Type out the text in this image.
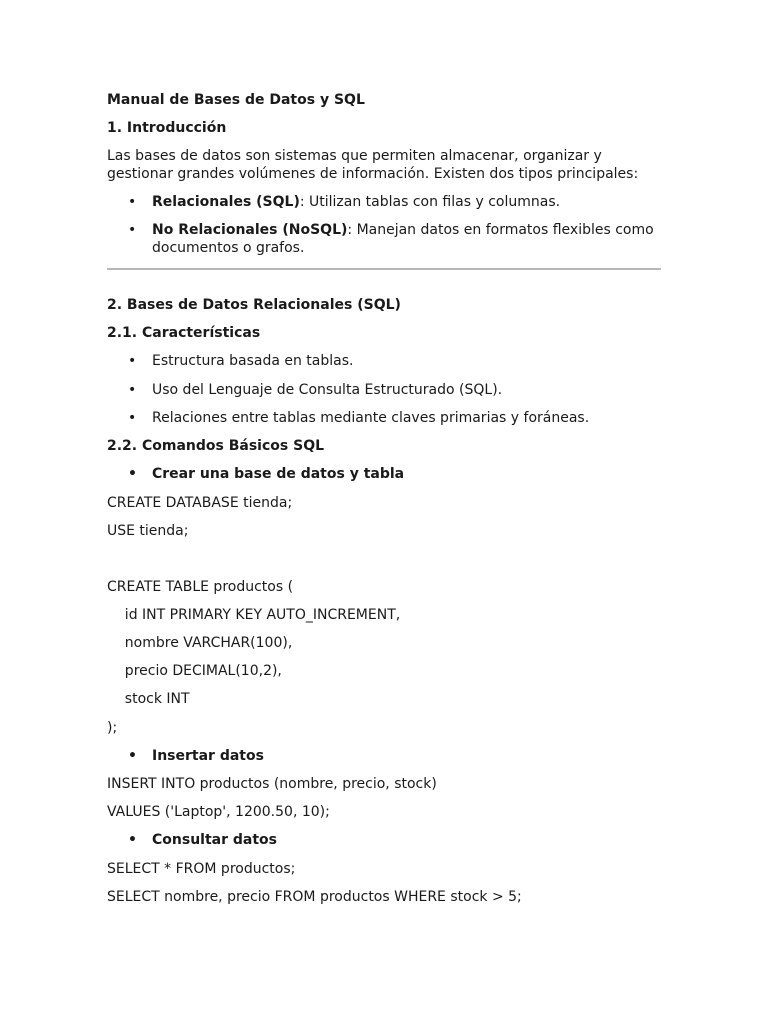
Manual de Bases de Datos y SQL
1. Introducción
Las bases de datos son sistemas que permiten almacenar, organizar y gestionar grandes volúmenes de información. Existen dos tipos principales:
• Relacionales (SQL): Utilizan tablas con filas y columnas.
• No Relacionales (NoSQL): Manejan datos en formatos flexibles como documentos o grafos.
2. Bases de Datos Relacionales (SQL)
2.1. Características
• Estructura basada en tablas.
• Uso del Lenguaje de Consulta Estructurado (SQL).
• Relaciones entre tablas mediante claves primarias y foráneas.
2.2. Comandos Básicos SQL
• Crear una base de datos y tabla
CREATE DATABASE tienda;
USE tienda;
CREATE TABLE productos (
id INT PRIMARY KEY AUTO_INCREMENT,
nombre VARCHAR(100),
precio DECIMAL(10,2),
stock INT
);
• Insertar datos
INSERT INTO productos (nombre, precio, stock)
VALUES ('Laptop', 1200.50, 10);
• Consultar datos
SELECT * FROM productos;
SELECT nombre, precio FROM productos WHERE stock > 5;
